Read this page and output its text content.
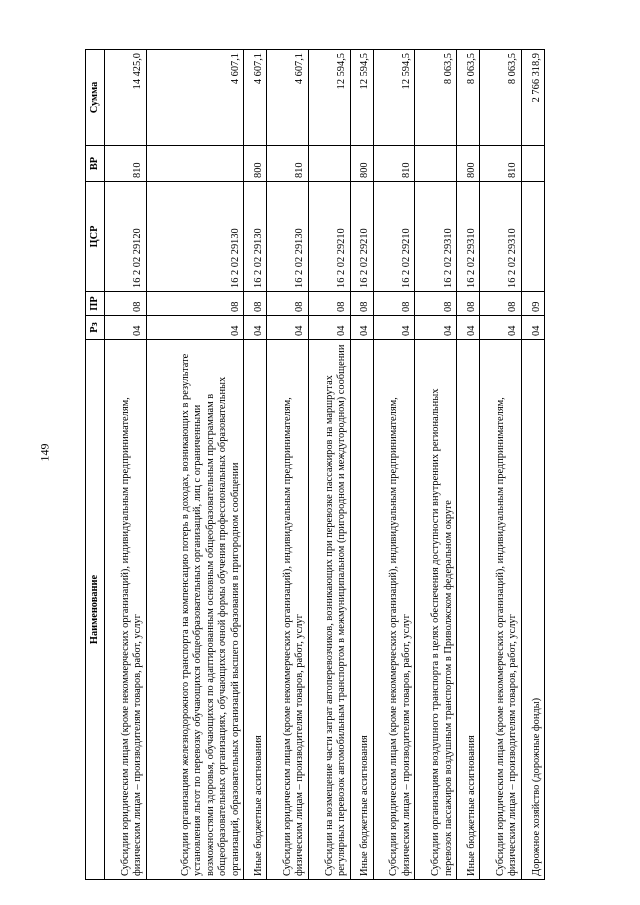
149
Наименование	Рз	ПР	ЦСР	ВР	Сумма
Субсидии юридическим лицам (кроме некоммерческих организаций), индивидуальным предпринимателям, физическим лицам – производителям товаров, работ, услуг	04	08	16 2 02 29120	810	14 425,0
Субсидии организациям железнодорожного транспорта на компенсацию потерь в доходах, возникающих в результате установления льгот по перевозку обучающихся общеобразовательных организаций, лиц с ограниченными возможностями здоровья, обучающихся по адаптированным основным общеобразовательным программам в общеобразовательных организациях, обучающихся очной формы обучения профессиональных образовательных организаций, образовательных организаций высшего образования в пригородном сообщении	04	08	16 2 02 29130		4 607,1
Иные бюджетные ассигнования	04	08	16 2 02 29130	800	4 607,1
Субсидии юридическим лицам (кроме некоммерческих организаций), индивидуальным предпринимателям, физическим лицам – производителям товаров, работ, услуг	04	08	16 2 02 29130	810	4 607,1
Субсидии на возмещение части затрат автоперевозчиков, возникающих при перевозке пассажиров на маршрутах регулярных перевозок автомобильным транспортом в межмуниципальном (пригородном и междугородном) сообщении	04	08	16 2 02 29210		12 594,5
Иные бюджетные ассигнования	04	08	16 2 02 29210	800	12 594,5
Субсидии юридическим лицам (кроме некоммерческих организаций), индивидуальным предпринимателям, физическим лицам – производителям товаров, работ, услуг	04	08	16 2 02 29210	810	12 594,5
Субсидии организациям воздушного транспорта в целях обеспечения доступности внутренних региональных перевозок пассажиров воздушным транспортом в Приволжском федеральном округе	04	08	16 2 02 29310		8 063,5
Иные бюджетные ассигнования	04	08	16 2 02 29310	800	8 063,5
Субсидии юридическим лицам (кроме некоммерческих организаций), индивидуальным предпринимателям, физическим лицам – производителям товаров, работ, услуг	04	08	16 2 02 29310	810	8 063,5
Дорожное хозяйство (дорожные фонды)	04	09			2 766 318,9
